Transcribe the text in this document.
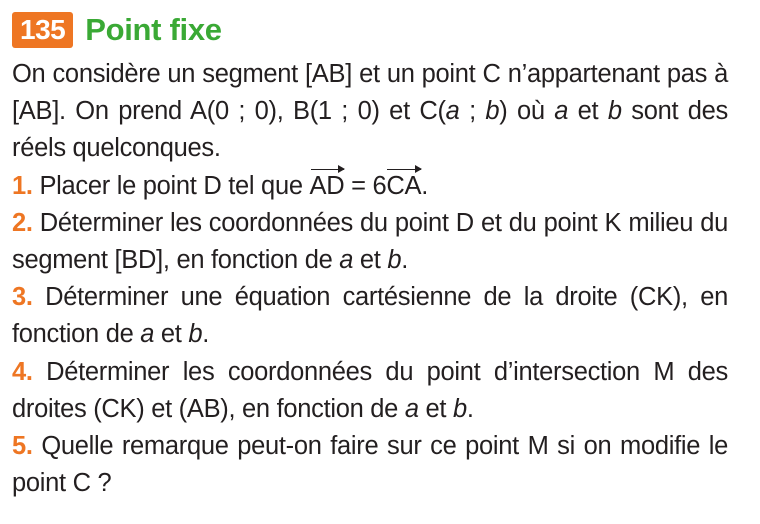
135 Point fixe

On considère un segment [AB] et un point C n’appartenant pas à [AB]. On prend A(0 ; 0), B(1 ; 0) et C(a ; b) où a et b sont des réels quelconques.

1. Placer le point D tel que AD = 6CA.

2. Déterminer les coordonnées du point D et du point K milieu du segment [BD], en fonction de a et b.

3. Déterminer une équation cartésienne de la droite (CK), en fonction de a et b.

4. Déterminer les coordonnées du point d’intersection M des droites (CK) et (AB), en fonction de a et b.

5. Quelle remarque peut-on faire sur ce point M si on modifie le point C ?
